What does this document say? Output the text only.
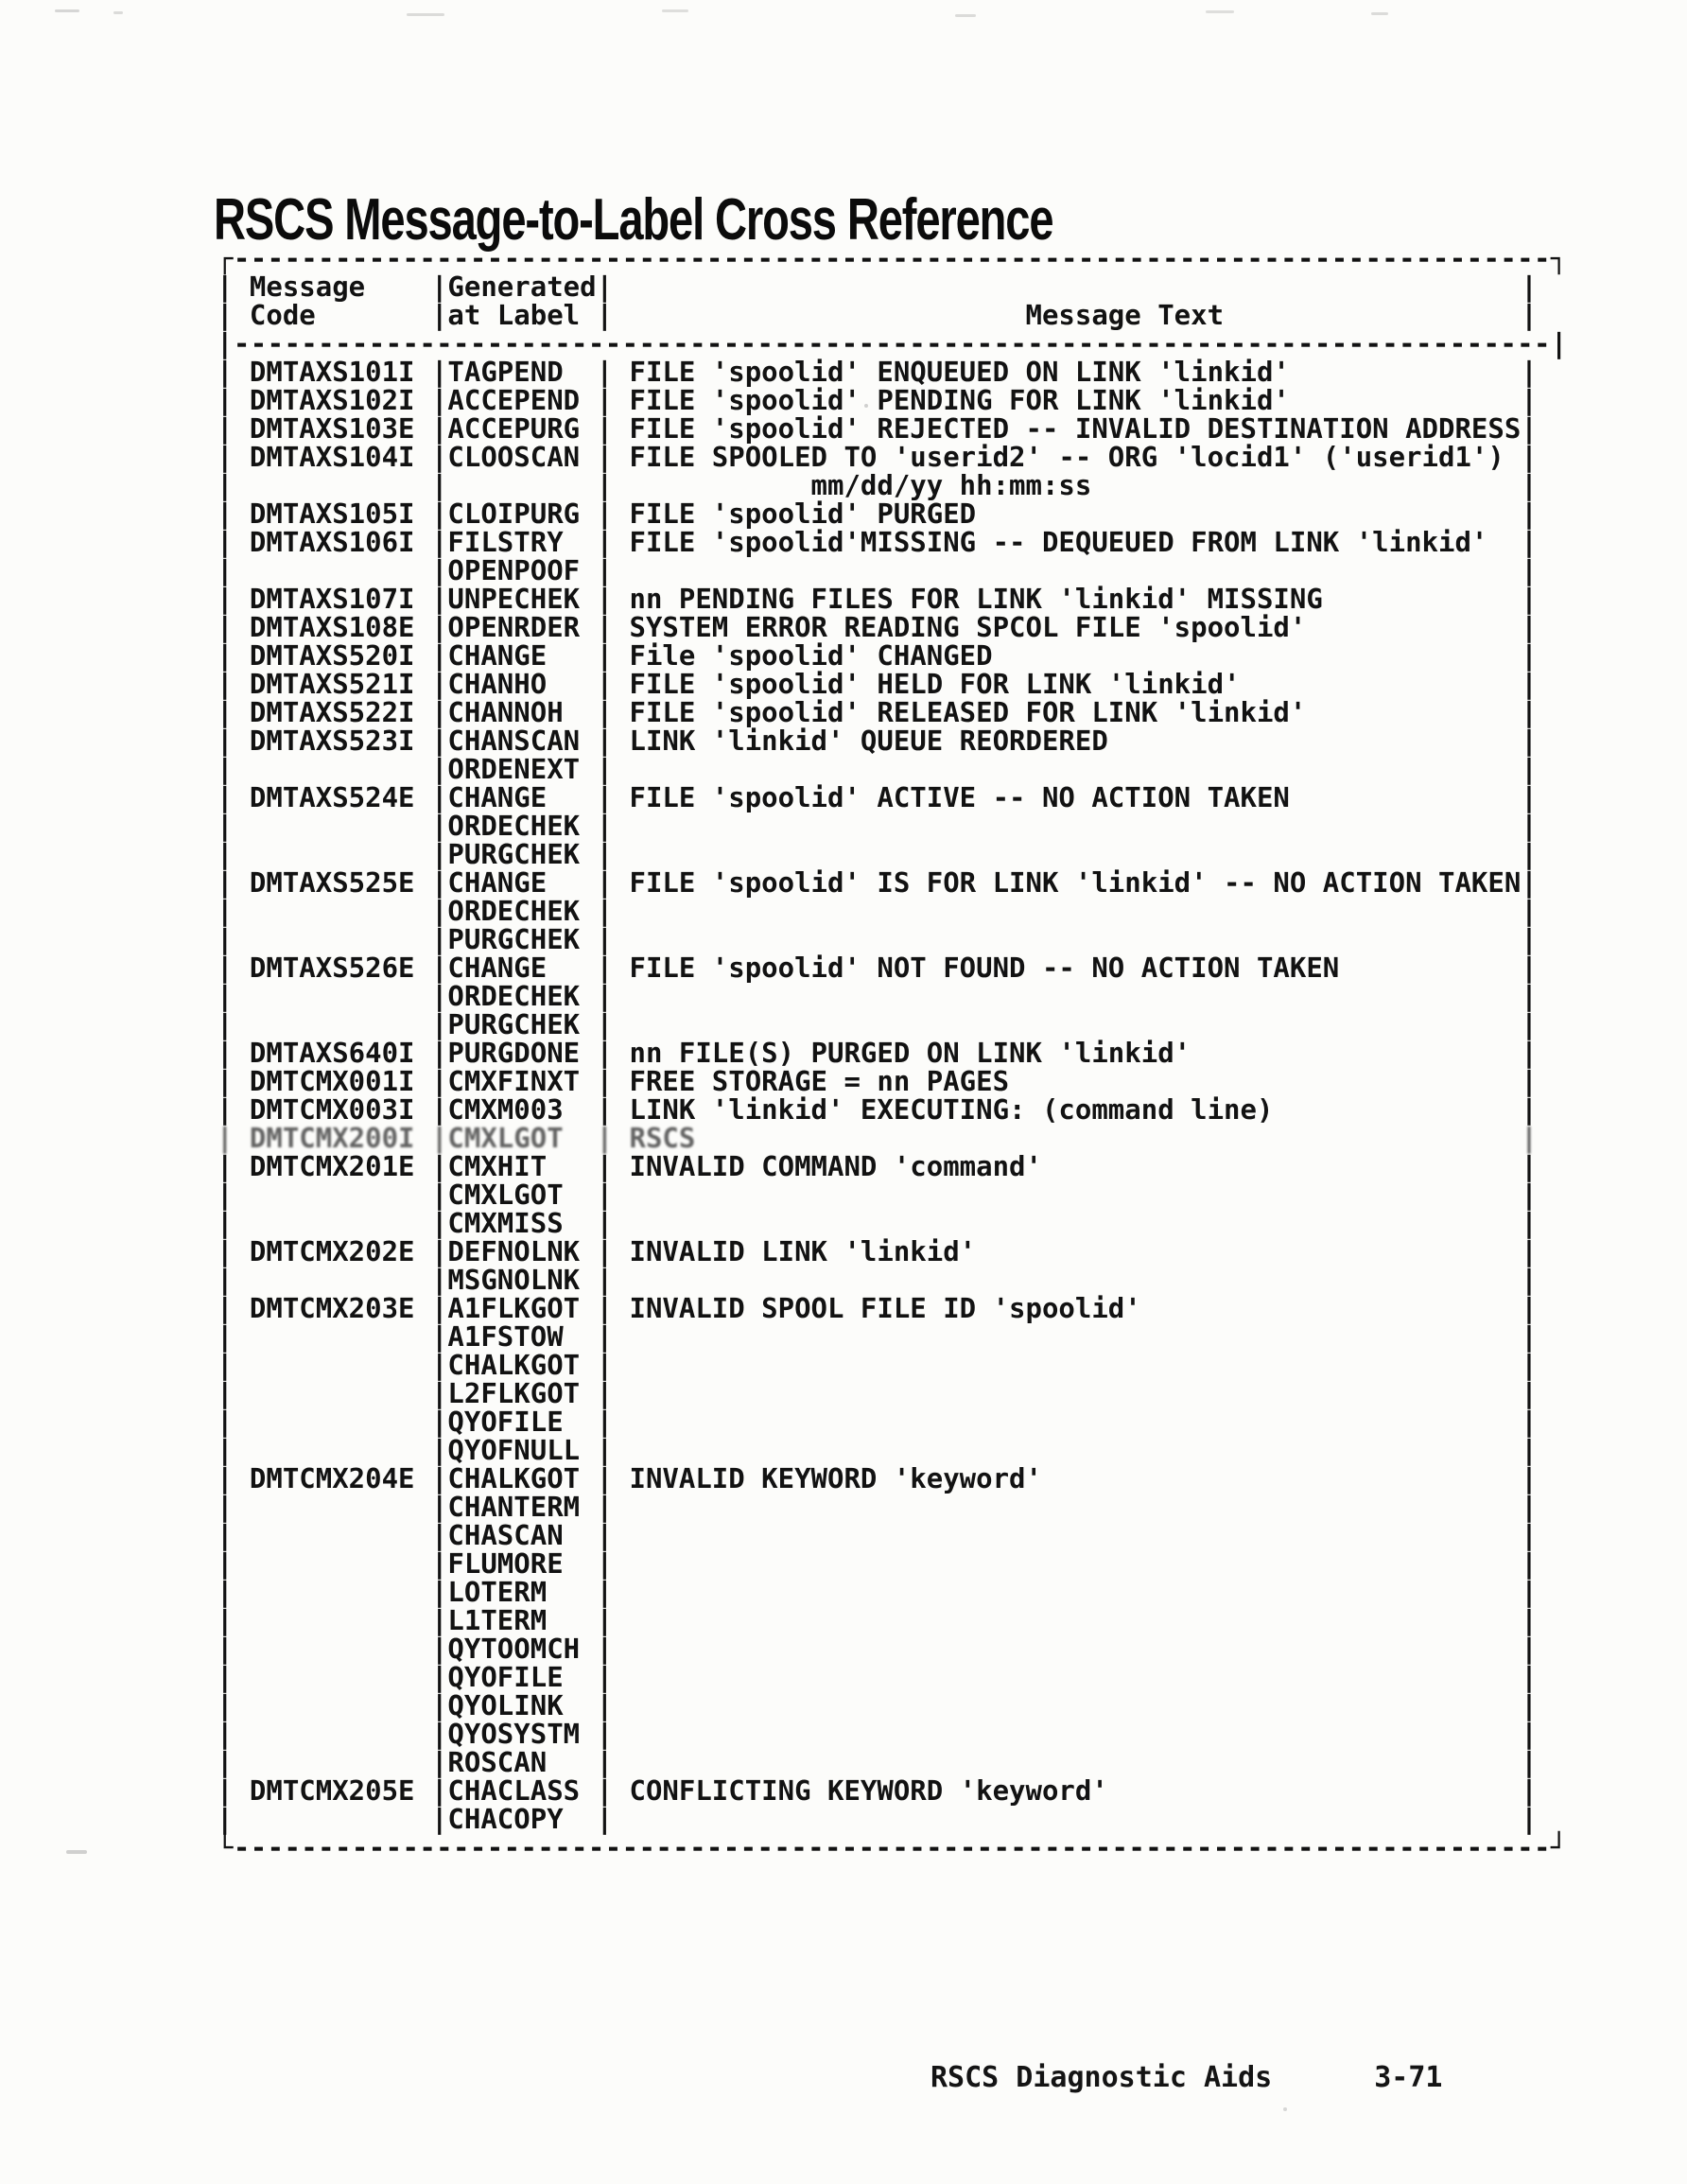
RSCS Message-to-Label Cross Reference
┌------------------------------------------------------------------------------┐
| Message    |Generated|                                                       |
| Code       |at Label |                         Message Text                  |
|------------------------------------------------------------------------------|
| DMTAXS101I |TAGPEND  | FILE 'spoolid' ENQUEUED ON LINK 'linkid'              |
| DMTAXS102I |ACCEPEND | FILE 'spoolid' PENDING FOR LINK 'linkid'              |
| DMTAXS103E |ACCEPURG | FILE 'spoolid' REJECTED -- INVALID DESTINATION ADDRESS|
| DMTAXS104I |CLOOSCAN | FILE SPOOLED TO 'userid2' -- ORG 'locid1' ('userid1') |
|            |         |            mm/dd/yy hh:mm:ss                          |
| DMTAXS105I |CLOIPURG | FILE 'spoolid' PURGED                                 |
| DMTAXS106I |FILSTRY  | FILE 'spoolid'MISSING -- DEQUEUED FROM LINK 'linkid'  |
|            |OPENPOOF |                                                       |
| DMTAXS107I |UNPECHEK | nn PENDING FILES FOR LINK 'linkid' MISSING            |
| DMTAXS108E |OPENRDER | SYSTEM ERROR READING SPCOL FILE 'spoolid'             |
| DMTAXS520I |CHANGE   | File 'spoolid' CHANGED                                |
| DMTAXS521I |CHANHO   | FILE 'spoolid' HELD FOR LINK 'linkid'                 |
| DMTAXS522I |CHANNOH  | FILE 'spoolid' RELEASED FOR LINK 'linkid'             |
| DMTAXS523I |CHANSCAN | LINK 'linkid' QUEUE REORDERED                         |
|            |ORDENEXT |                                                       |
| DMTAXS524E |CHANGE   | FILE 'spoolid' ACTIVE -- NO ACTION TAKEN              |
|            |ORDECHEK |                                                       |
|            |PURGCHEK |                                                       |
| DMTAXS525E |CHANGE   | FILE 'spoolid' IS FOR LINK 'linkid' -- NO ACTION TAKEN|
|            |ORDECHEK |                                                       |
|            |PURGCHEK |                                                       |
| DMTAXS526E |CHANGE   | FILE 'spoolid' NOT FOUND -- NO ACTION TAKEN           |
|            |ORDECHEK |                                                       |
|            |PURGCHEK |                                                       |
| DMTAXS640I |PURGDONE | nn FILE(S) PURGED ON LINK 'linkid'                    |
| DMTCMX001I |CMXFINXT | FREE STORAGE = nn PAGES                               |
| DMTCMX003I |CMXM003  | LINK 'linkid' EXECUTING: (command line)               |
| DMTCMX200I |CMXLGOT  | RSCS                                                  |
| DMTCMX201E |CMXHIT   | INVALID COMMAND 'command'                             |
|            |CMXLGOT  |                                                       |
|            |CMXMISS  |                                                       |
| DMTCMX202E |DEFNOLNK | INVALID LINK 'linkid'                                 |
|            |MSGNOLNK |                                                       |
| DMTCMX203E |A1FLKGOT | INVALID SPOOL FILE ID 'spoolid'                       |
|            |A1FSTOW  |                                                       |
|            |CHALKGOT |                                                       |
|            |L2FLKGOT |                                                       |
|            |QYOFILE  |                                                       |
|            |QYOFNULL |                                                       |
| DMTCMX204E |CHALKGOT | INVALID KEYWORD 'keyword'                             |
|            |CHANTERM |                                                       |
|            |CHASCAN  |                                                       |
|            |FLUMORE  |                                                       |
|            |LOTERM   |                                                       |
|            |L1TERM   |                                                       |
|            |QYTOOMCH |                                                       |
|            |QYOFILE  |                                                       |
|            |QYOLINK  |                                                       |
|            |QYOSYSTM |                                                       |
|            |ROSCAN   |                                                       |
| DMTCMX205E |CHACLASS | CONFLICTING KEYWORD 'keyword'                         |
|            |CHACOPY  |                                                       |
└------------------------------------------------------------------------------┘
RSCS Diagnostic Aids	3-71
